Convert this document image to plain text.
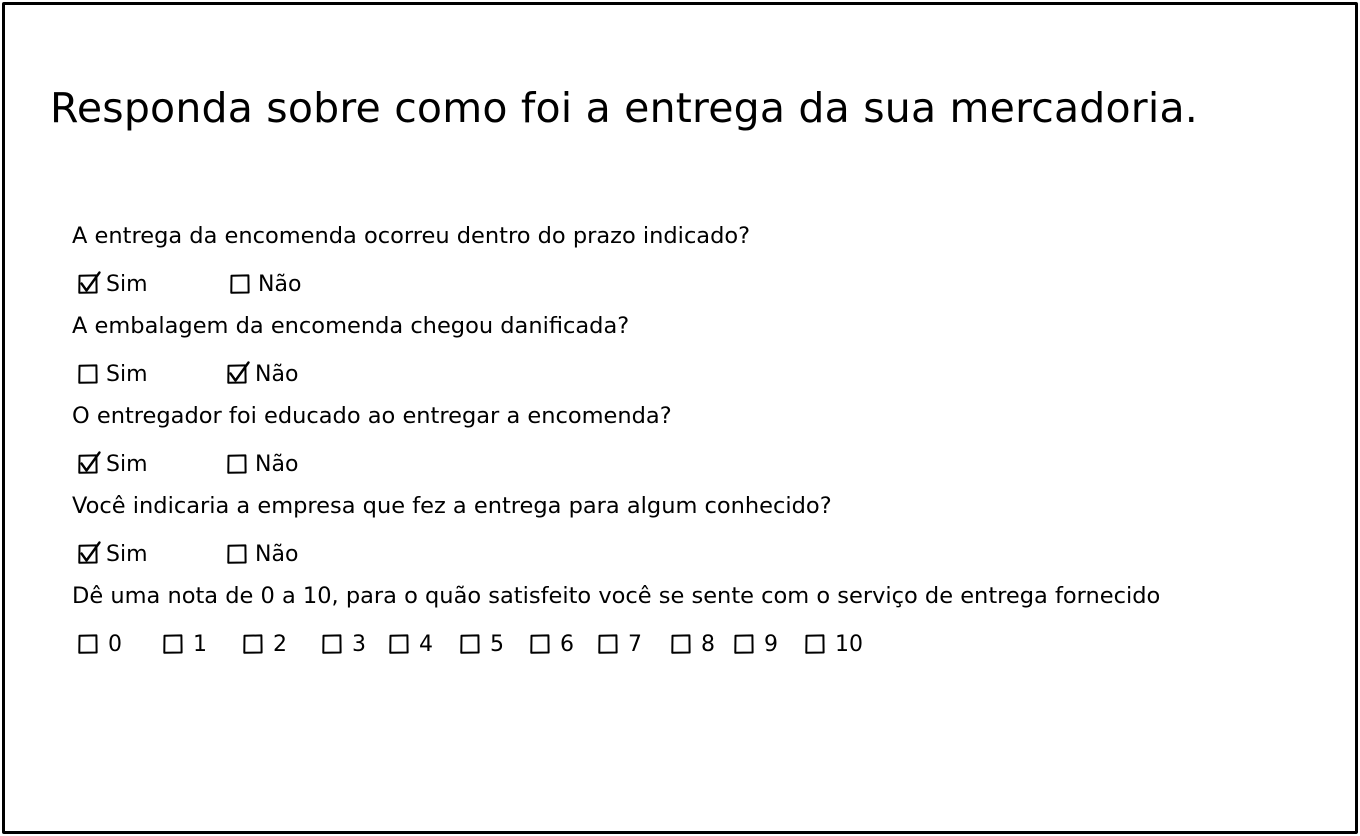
Responda sobre como foi a entrega da sua mercadoria.
A entrega da encomenda ocorreu dentro do prazo indicado?
Sim	Não
A embalagem da encomenda chegou danificada?
Sim	Não
O entregador foi educado ao entregar a encomenda?
Sim	Não
Você indicaria a empresa que fez a entrega para algum conhecido?
Sim	Não
Dê uma nota de 0 a 10, para o quão satisfeito você se sente com o serviço de entrega fornecido
0	1	2	3 4	5	6 7	8 9	10
